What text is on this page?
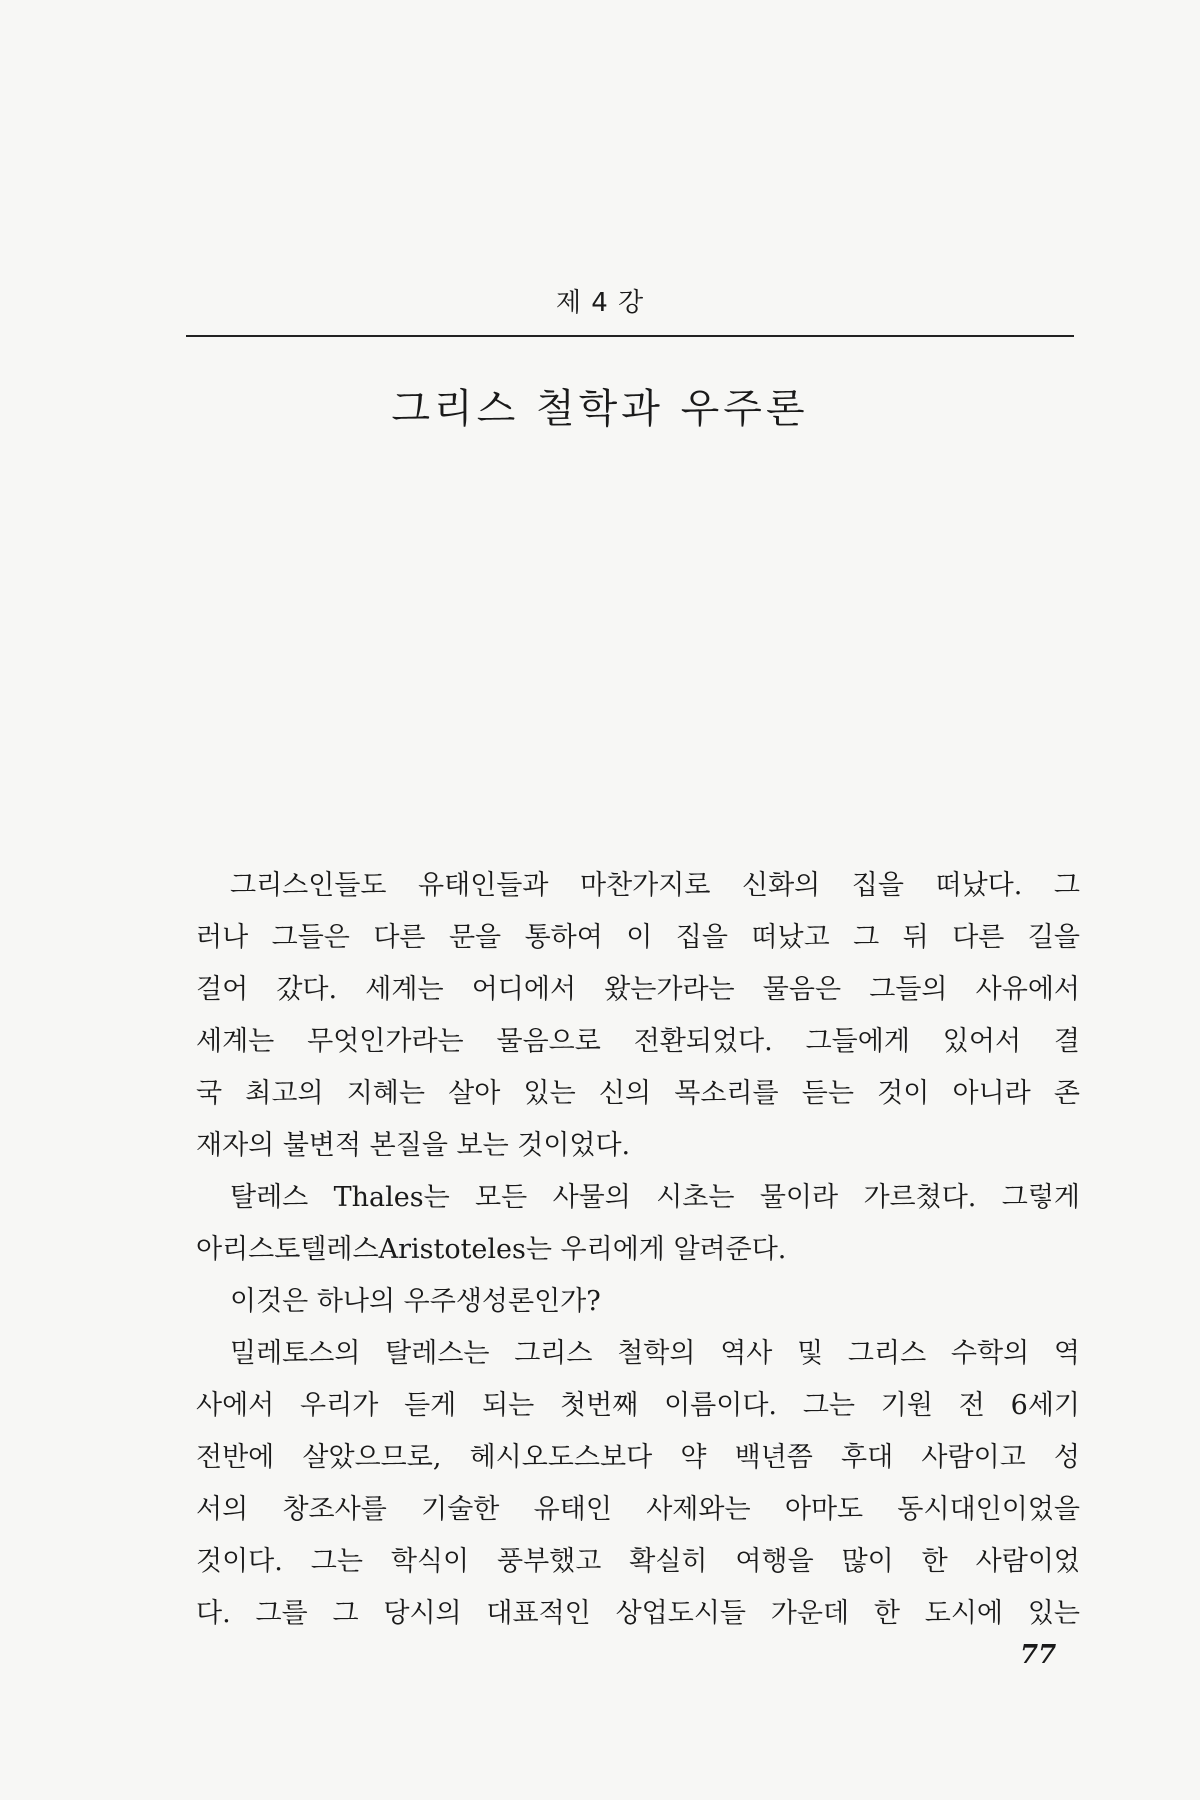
제 4 강
그리스 철학과 우주론
그리스인들도 유태인들과 마찬가지로 신화의 집을 떠났다. 그
러나 그들은 다른 문을 통하여 이 집을 떠났고 그 뒤 다른 길을
걸어 갔다. 세계는 어디에서 왔는가라는 물음은 그들의 사유에서
세계는 무엇인가라는 물음으로 전환되었다. 그들에게 있어서 결
국 최고의 지혜는 살아 있는 신의 목소리를 듣는 것이 아니라 존
재자의 불변적 본질을 보는 것이었다.
탈레스 Thales는 모든 사물의 시초는 물이라 가르쳤다. 그렇게
아리스토텔레스Aristoteles는 우리에게 알려준다.
이것은 하나의 우주생성론인가?
밀레토스의 탈레스는 그리스 철학의 역사 및 그리스 수학의 역
사에서 우리가 듣게 되는 첫번째 이름이다. 그는 기원 전 6세기
전반에 살았으므로, 헤시오도스보다 약 백년쯤 후대 사람이고 성
서의 창조사를 기술한 유태인 사제와는 아마도 동시대인이었을
것이다. 그는 학식이 풍부했고 확실히 여행을 많이 한 사람이었
다. 그를 그 당시의 대표적인 상업도시들 가운데 한 도시에 있는
77
